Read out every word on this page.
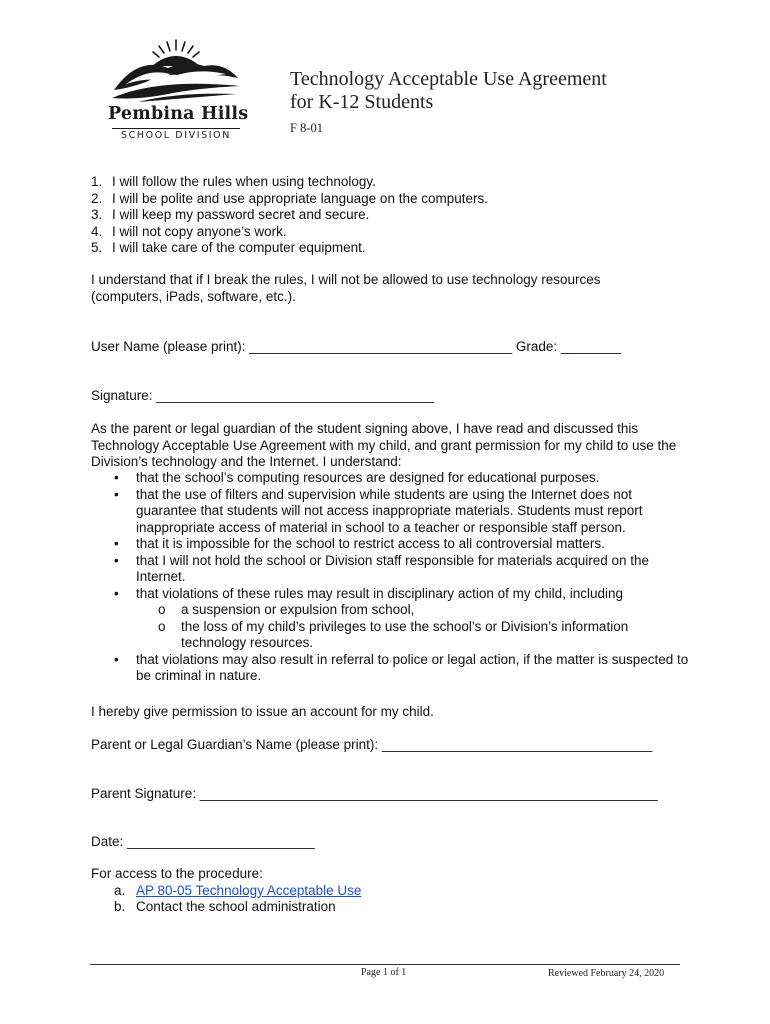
Pembina Hills
SCHOOL DIVISION
Technology Acceptable Use Agreement
for K-12 Students
F 8-01
1. I will follow the rules when using technology.
2. I will be polite and use appropriate language on the computers.
3. I will keep my password secret and secure.
4. I will not copy anyone’s work.
5. I will take care of the computer equipment.
I understand that if I break the rules, I will not be allowed to use technology resources
(computers, iPads, software, etc.).
User Name (please print): ___________________________________ Grade: ________
Signature: _____________________________________
As the parent or legal guardian of the student signing above, I have read and discussed this Technology Acceptable Use Agreement with my child, and grant permission for my child to use the Division’s technology and the Internet. I understand:
• that the school’s computing resources are designed for educational purposes.
• that the use of filters and supervision while students are using the Internet does not guarantee that students will not access inappropriate materials. Students must report inappropriate access of material in school to a teacher or responsible staff person.
• that it is impossible for the school to restrict access to all controversial matters.
• that I will not hold the school or Division staff responsible for materials acquired on the Internet.
• that violations of these rules may result in disciplinary action of my child, including
o a suspension or expulsion from school,
o the loss of my child’s privileges to use the school’s or Division’s information technology resources.
• that violations may also result in referral to police or legal action, if the matter is suspected to be criminal in nature.
I hereby give permission to issue an account for my child.
Parent or Legal Guardian’s Name (please print): ____________________________________
Parent Signature: _____________________________________________________________
Date: _________________________
For access to the procedure:
a. AP 80-05 Technology Acceptable Use
b. Contact the school administration
Page 1 of 1	Reviewed February 24, 2020
